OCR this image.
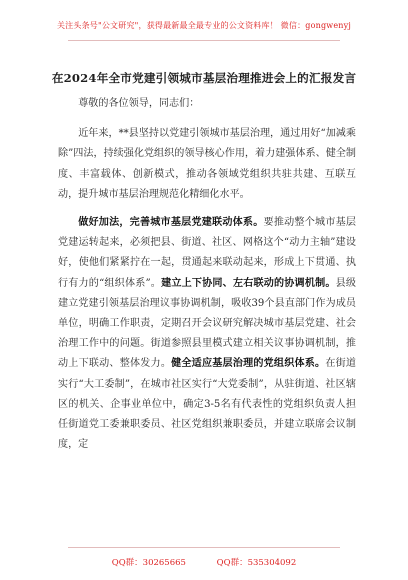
关注头条号"公文研究"，获得最新最全最专业的公文资料库！ 微信：gongwenyj
在2024年全市党建引领城市基层治理推进会上的汇报发言

尊敬的各位领导，同志们：

近年来，**县坚持以党建引领城市基层治理，通过用好“加减乘除”四法，持续强化党组织的领导核心作用，着力建强体系、健全制度、丰富载体、创新模式，推动各领域党组织共驻共建、互联互动，提升城市基层治理规范化精细化水平。

做好加法，完善城市基层党建联动体系。要推动整个城市基层党建运转起来，必须把县、街道、社区、网格这个“动力主轴”建设好，使他们紧紧拧在一起，贯通起来联动起来，形成上下贯通、执行有力的“组织体系”。建立上下协同、左右联动的协调机制。县级建立党建引领基层治理议事协调机制，吸收39个县直部门作为成员单位，明确工作职责，定期召开会议研究解决城市基层党建、社会治理工作中的问题。街道参照县里模式建立相关议事协调机制，推动上下联动、整体发力。健全适应基层治理的党组织体系。在街道实行“大工委制”，在城市社区实行“大党委制”，从驻街道、社区辖区的机关、企事业单位中，确定3-5名有代表性的党组织负责人担任街道党工委兼职委员、社区党组织兼职委员，并建立联席会议制度，定

QQ群：30265665	QQ群：535304092
